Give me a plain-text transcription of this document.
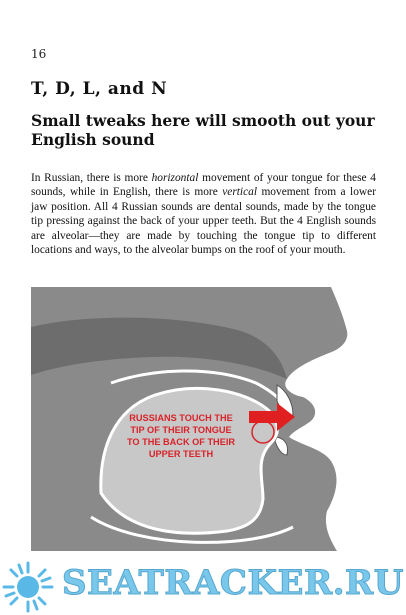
16
T, D, L, and N
Small tweaks here will smooth out your English sound

In Russian, there is more horizontal movement of your tongue for these 4 sounds, while in English, there is more vertical movement from a lower jaw position. All 4 Russian sounds are dental sounds, made by the tongue tip pressing against the back of your upper teeth. But the 4 English sounds are alveolar—they are made by touching the tongue tip to different locations and ways, to the alveolar bumps on the roof of your mouth.

RUSSIANS TOUCH THE
TIP OF THEIR TONGUE
TO THE BACK OF THEIR
UPPER TEETH
SEATRACKER.RU
